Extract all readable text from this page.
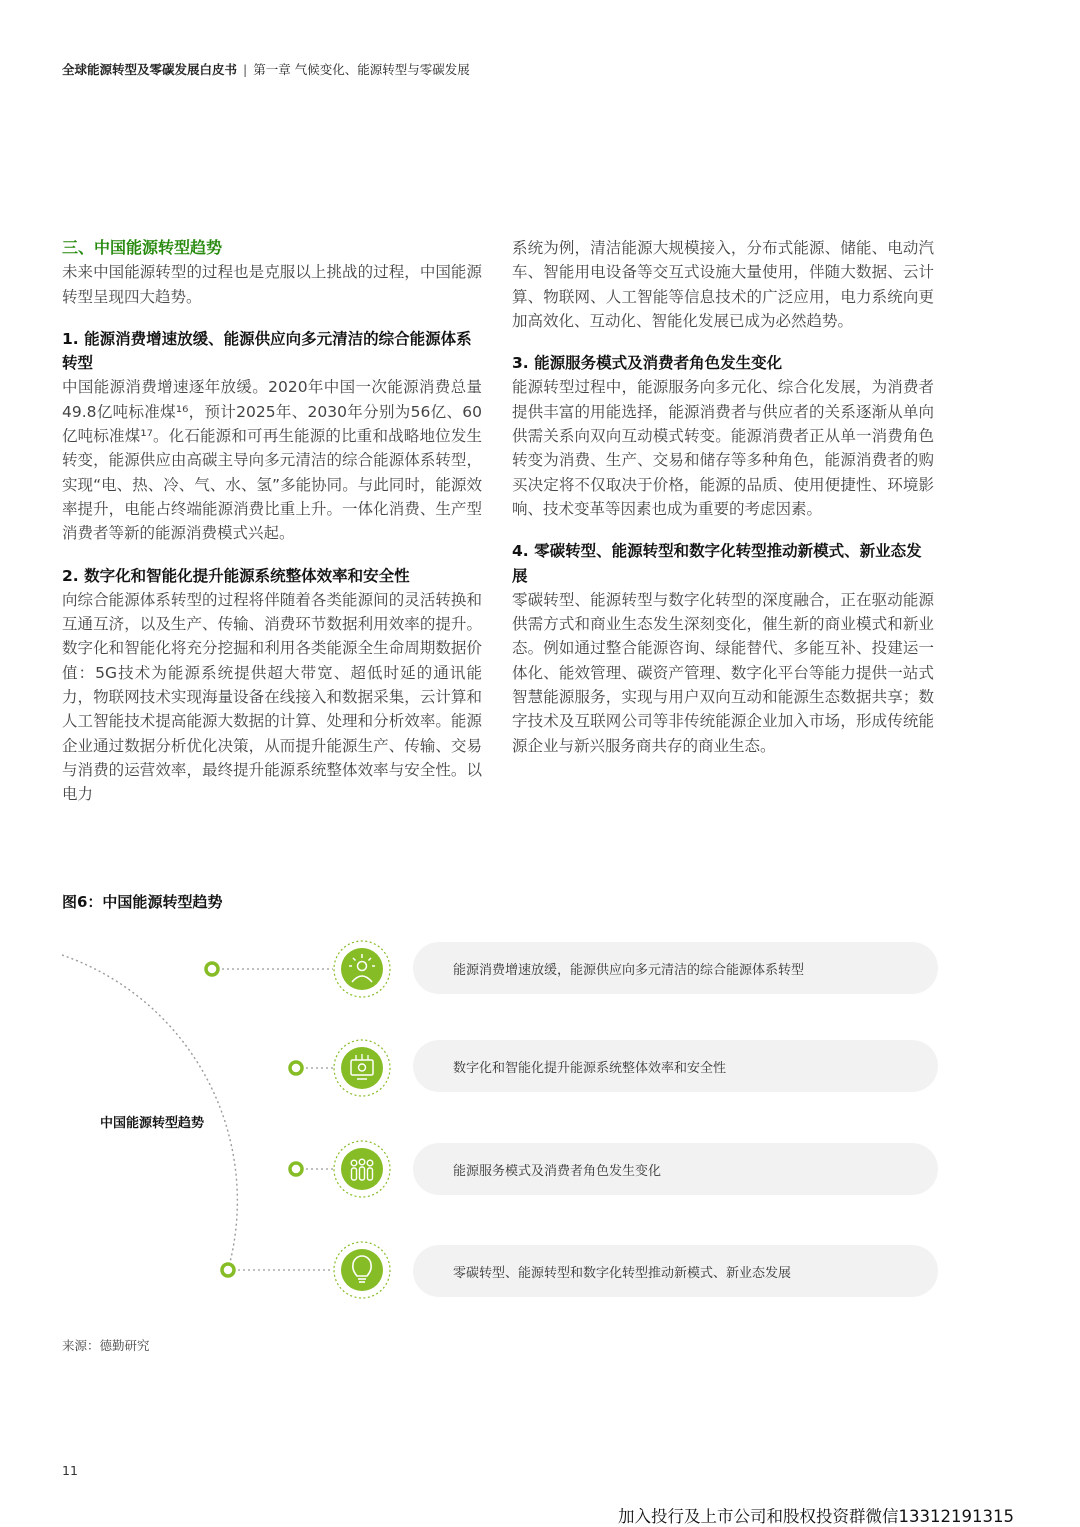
全球能源转型及零碳发展白皮书 | 第一章 气候变化、能源转型与零碳发展
三、中国能源转型趋势

未来中国能源转型的过程也是克服以上挑战的过程，中国能源转型呈现四大趋势。

1. 能源消费增速放缓、能源供应向多元清洁的综合能源体系转型

中国能源消费增速逐年放缓。2020年中国一次能源消费总量49.8亿吨标准煤¹⁶，预计2025年、2030年分别为56亿、60亿吨标准煤¹⁷。化石能源和可再生能源的比重和战略地位发生转变，能源供应由高碳主导向多元清洁的综合能源体系转型，实现“电、热、冷、气、水、氢”多能协同。与此同时，能源效率提升，电能占终端能源消费比重上升。一体化消费、生产型消费者等新的能源消费模式兴起。

2. 数字化和智能化提升能源系统整体效率和安全性

向综合能源体系转型的过程将伴随着各类能源间的灵活转换和互通互济，以及生产、传输、消费环节数据利用效率的提升。数字化和智能化将充分挖掘和利用各类能源全生命周期数据价值：5G技术为能源系统提供超大带宽、超低时延的通讯能力，物联网技术实现海量设备在线接入和数据采集，云计算和人工智能技术提高能源大数据的计算、处理和分析效率。能源企业通过数据分析优化决策，从而提升能源生产、传输、交易与消费的运营效率，最终提升能源系统整体效率与安全性。以电力

系统为例，清洁能源大规模接入，分布式能源、储能、电动汽车、智能用电设备等交互式设施大量使用，伴随大数据、云计算、物联网、人工智能等信息技术的广泛应用，电力系统向更加高效化、互动化、智能化发展已成为必然趋势。

3. 能源服务模式及消费者角色发生变化

能源转型过程中，能源服务向多元化、综合化发展，为消费者提供丰富的用能选择，能源消费者与供应者的关系逐渐从单向供需关系向双向互动模式转变。能源消费者正从单一消费角色转变为消费、生产、交易和储存等多种角色，能源消费者的购买决定将不仅取决于价格，能源的品质、使用便捷性、环境影响、技术变革等因素也成为重要的考虑因素。

4. 零碳转型、能源转型和数字化转型推动新模式、新业态发展

零碳转型、能源转型与数字化转型的深度融合，正在驱动能源供需方式和商业生态发生深刻变化，催生新的商业模式和新业态。例如通过整合能源咨询、绿能替代、多能互补、投建运一体化、能效管理、碳资产管理、数字化平台等能力提供一站式智慧能源服务，实现与用户双向互动和能源生态数据共享；数字技术及互联网公司等非传统能源企业加入市场，形成传统能源企业与新兴服务商共存的商业生态。

图6：中国能源转型趋势
中国能源转型趋势
能源消费增速放缓，能源供应向多元清洁的综合能源体系转型
数字化和智能化提升能源系统整体效率和安全性
能源服务模式及消费者角色发生变化
零碳转型、能源转型和数字化转型推动新模式、新业态发展
来源：德勤研究
11
加入投行及上市公司和股权投资群微信13312191315
